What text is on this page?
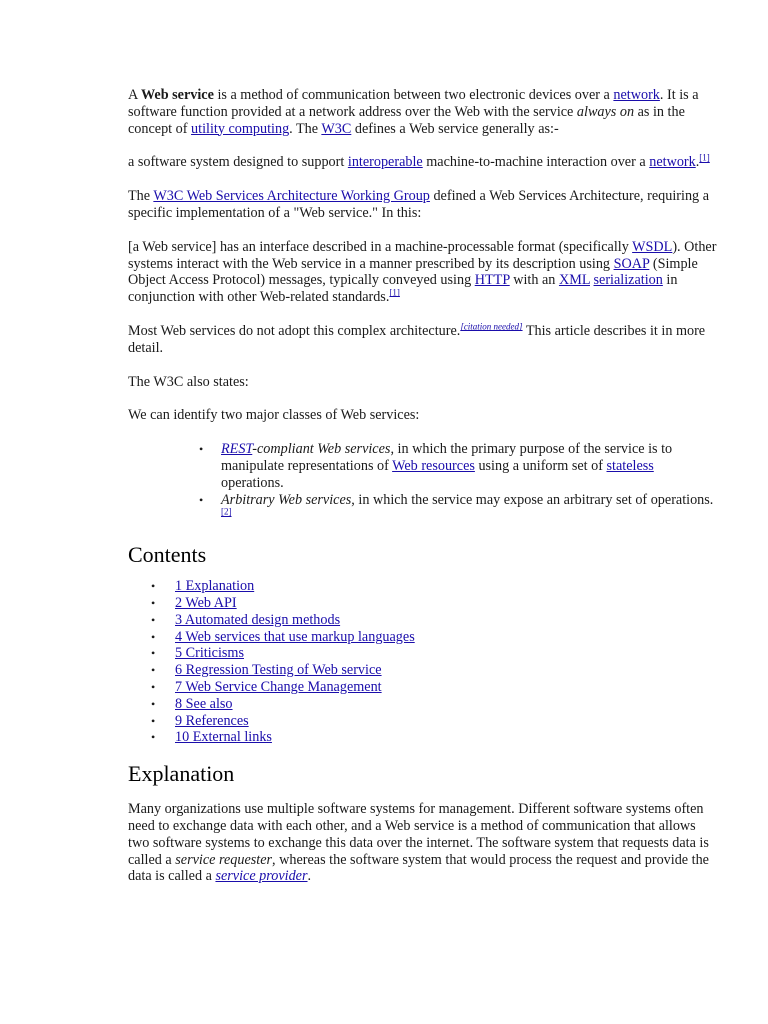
A Web service is a method of communication between two electronic devices over a network. It is a software function provided at a network address over the Web with the service always on as in the concept of utility computing. The W3C defines a Web service generally as:-

a software system designed to support interoperable machine-to-machine interaction over a network.[1]

The W3C Web Services Architecture Working Group defined a Web Services Architecture, requiring a specific implementation of a "Web service." In this:

[a Web service] has an interface described in a machine-processable format (specifically WSDL). Other systems interact with the Web service in a manner prescribed by its description using SOAP (Simple Object Access Protocol) messages, typically conveyed using HTTP with an XML serialization in conjunction with other Web-related standards.[1]

Most Web services do not adopt this complex architecture.[citation needed] This article describes it in more detail.

The W3C also states:

We can identify two major classes of Web services:

• REST-compliant Web services, in which the primary purpose of the service is to manipulate representations of Web resources using a uniform set of stateless operations.
• Arbitrary Web services, in which the service may expose an arbitrary set of operations.[2]
Contents
• 1 Explanation
• 2 Web API
• 3 Automated design methods
• 4 Web services that use markup languages
• 5 Criticisms
• 6 Regression Testing of Web service
• 7 Web Service Change Management
• 8 See also
• 9 References
• 10 External links
Explanation

Many organizations use multiple software systems for management. Different software systems often need to exchange data with each other, and a Web service is a method of communication that allows two software systems to exchange this data over the internet. The software system that requests data is called a service requester, whereas the software system that would process the request and provide the data is called a service provider.
